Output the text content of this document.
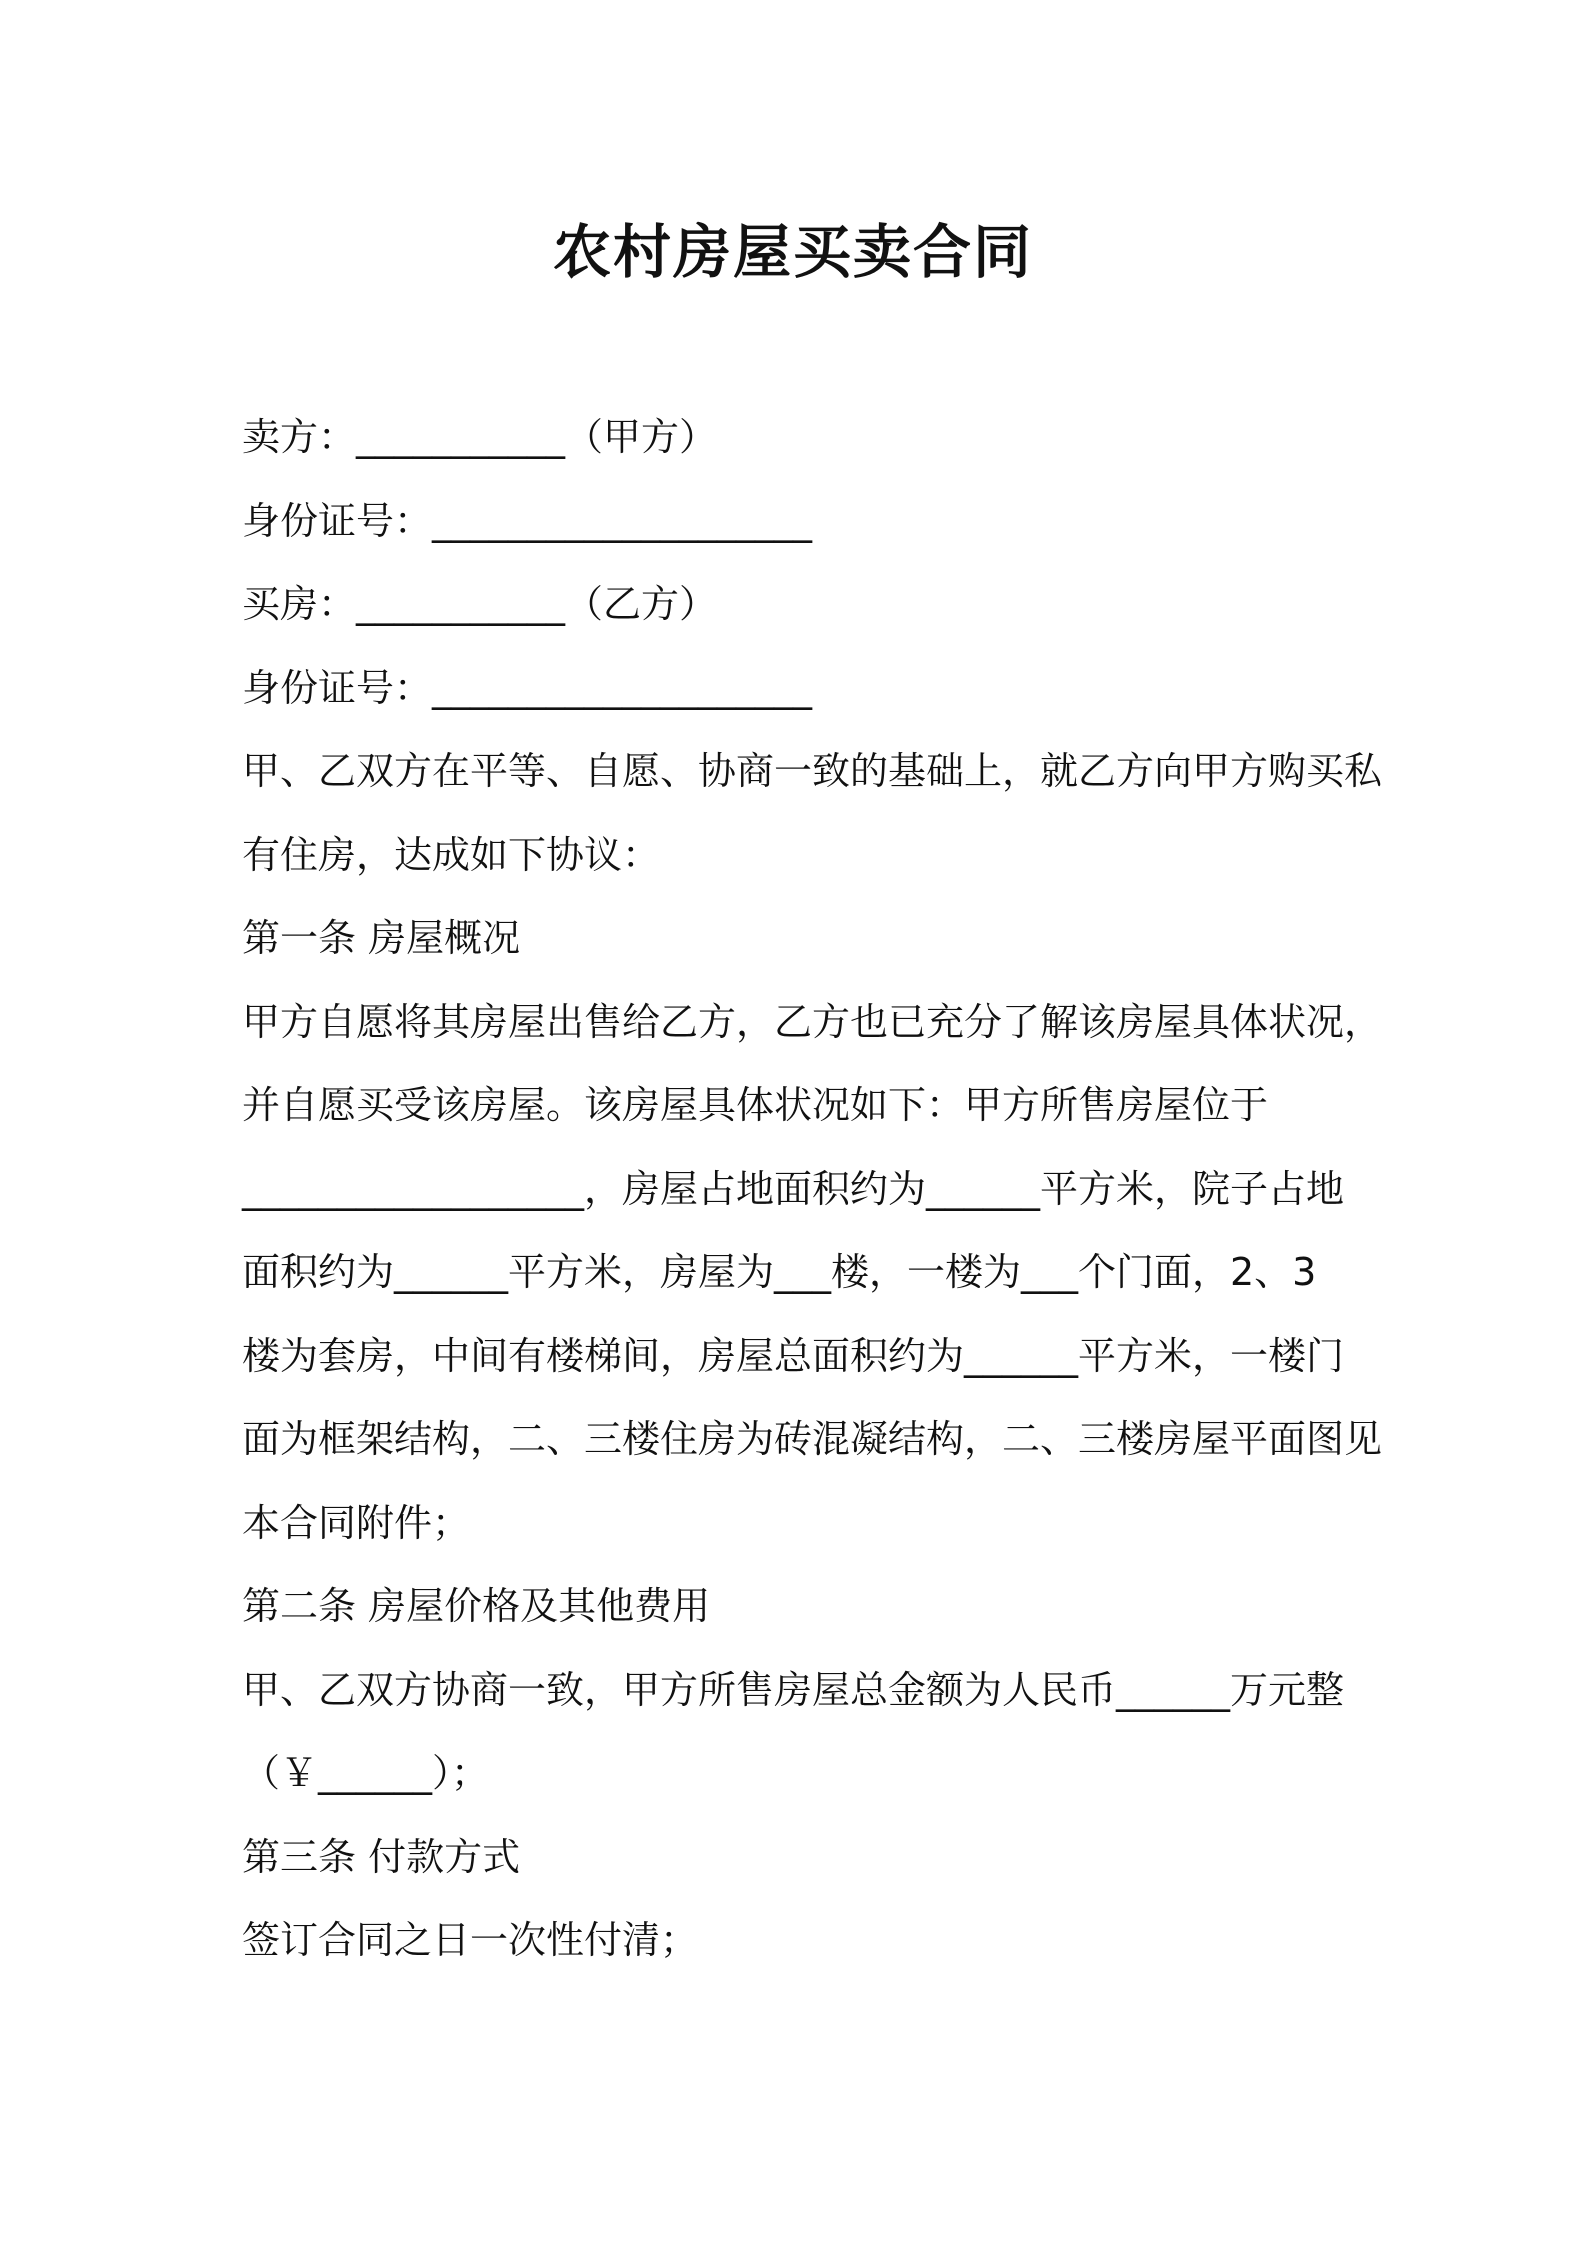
农村房屋买卖合同
卖方：___________（甲方）
身份证号：____________________
买房：___________（乙方）
身份证号：____________________
甲、乙双方在平等、自愿、协商一致的基础上，就乙方向甲方购买私
有住房，达成如下协议：
第一条 房屋概况
甲方自愿将其房屋出售给乙方，乙方也已充分了解该房屋具体状况，
并自愿买受该房屋。该房屋具体状况如下：甲方所售房屋位于
__________________，房屋占地面积约为______平方米，院子占地
面积约为______平方米，房屋为___楼，一楼为___个门面，2、3
楼为套房，中间有楼梯间，房屋总面积约为______平方米，一楼门
面为框架结构，二、三楼住房为砖混凝结构，二、三楼房屋平面图见
本合同附件；
第二条 房屋价格及其他费用
甲、乙双方协商一致，甲方所售房屋总金额为人民币______万元整
（￥______）；
第三条 付款方式
签订合同之日一次性付清；
